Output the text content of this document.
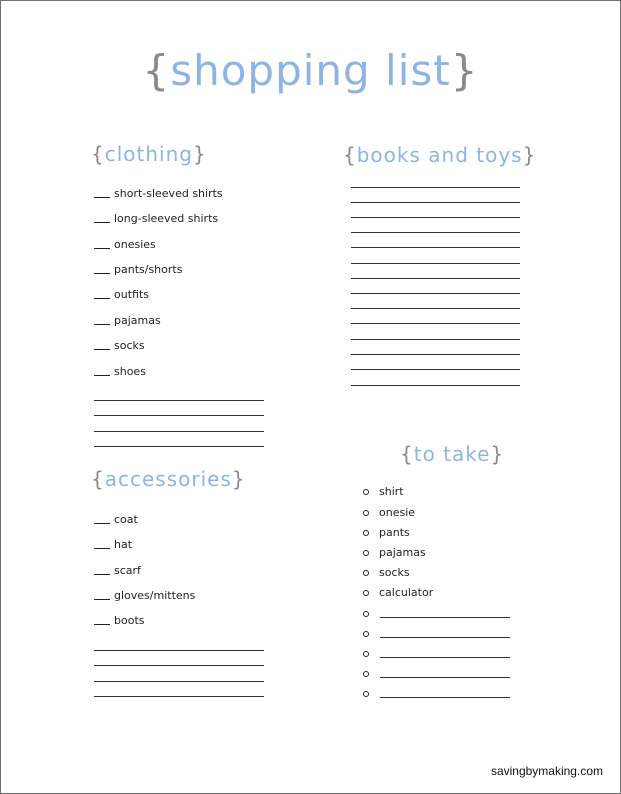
{shopping list}
{clothing}
short-sleeved shirts
long-sleeved shirts
onesies
pants/shorts
outfits
pajamas
socks
shoes
{accessories}
coat
hat
scarf
gloves/mittens
boots
{books and toys}
{to take}
shirt
onesie
pants
pajamas
socks
calculator
savingbymaking.com
